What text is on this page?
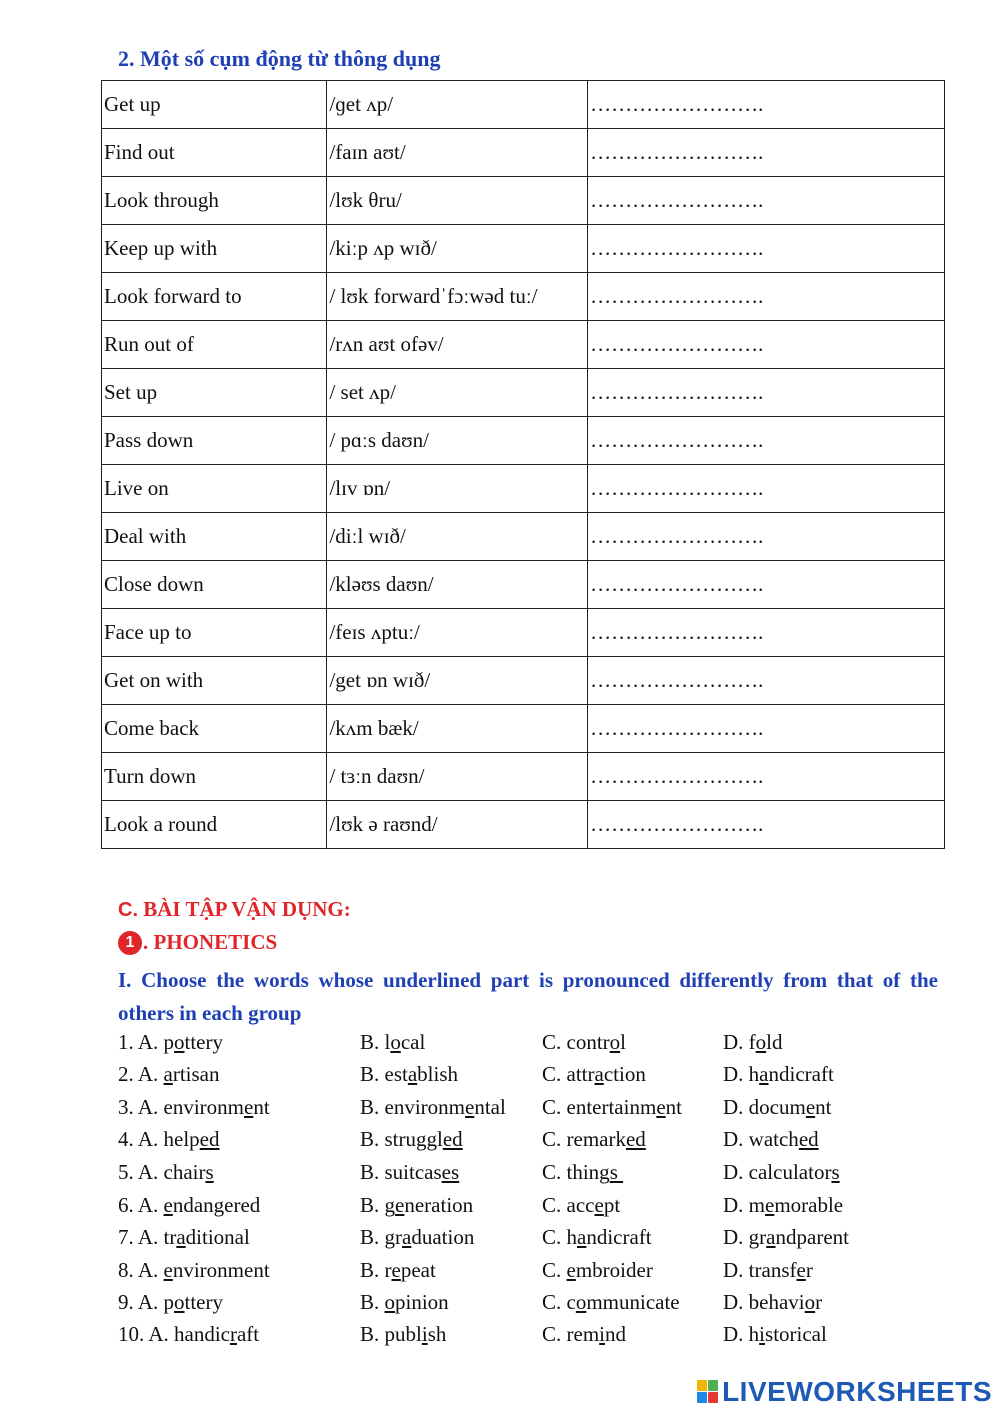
2. Một số cụm động từ thông dụng
Get up	/ɡet ʌp/	…………………….
Find out	/faɪn aʊt/	…………………….
Look through	/lʊk θru/	…………………….
Keep up with	/kiːp ʌp wɪð/	…………………….
Look forward to	/ lʊk forwardˈfɔːwəd tuː/	…………………….
Run out of	/rʌn aʊt ofəv/	…………………….
Set up	/ set ʌp/	…………………….
Pass down	/ pɑːs daʊn/	…………………….
Live on	/lɪv ɒn/	…………………….
Deal with	/diːl wɪð/	…………………….
Close down	/kləʊs daʊn/	…………………….
Face up to	/feɪs ʌptuː/	…………………….
Get on with	/get ɒn wɪð/	…………………….
Come back	/kʌm bæk/	…………………….
Turn down	/ tɜːn daʊn/	…………………….
Look a round	/lʊk ə raʊnd/	…………………….
C. BÀI TẬP VẬN DỤNG:
1 . PHONETICS
I. Choose the words whose underlined part is pronounced differently from that of the others in each group
1. A. pottery	B. local	C. control	D. fold
2. A. artisan	B. establish	C. attraction	D. handicraft
3. A. environment	B. environmental C. entertainment D. document
4. A. helped	B. struggled	C. remarked	D. watched
5. A. chairs	B. suitcases	C. things	D. calculators
6. A. endangered	B. generation	C. accept	D. memorable
7. A. traditional	B. graduation	C. handicraft	D. grandparent
8. A. environment	B. repeat	C. embroider	D. transfer
9. A. pottery	B. opinion	C. communicate D. behavior
10. A. handicraft	B. publish	C. remind	D. historical
LIVEWORKSHEETS
